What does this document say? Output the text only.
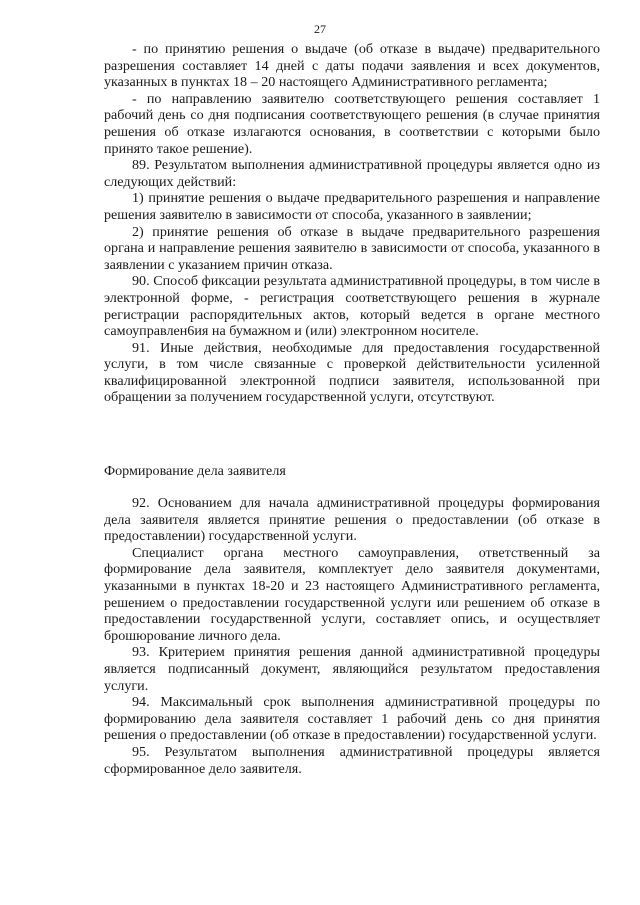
27

- по принятию решения о выдаче (об отказе в выдаче) предварительного разрешения составляет 14 дней с даты подачи заявления и всех документов, указанных в пунктах 18 – 20 настоящего Административного регламента;

- по направлению заявителю соответствующего решения составляет 1 рабочий день со дня подписания соответствующего решения (в случае принятия решения об отказе излагаются основания, в соответствии с которыми было принято такое решение).

89. Результатом выполнения административной процедуры является одно из следующих действий:

1) принятие решения о выдаче предварительного разрешения и направление решения заявителю в зависимости от способа, указанного в заявлении;

2) принятие решения об отказе в выдаче предварительного разрешения органа и направление решения заявителю в зависимости от способа, указанного в заявлении с указанием причин отказа.

90. Способ фиксации результата административной процедуры, в том числе в электронной форме, - регистрация соответствующего решения в журнале регистрации распорядительных актов, который ведется в органе местного самоуправлен6ия на бумажном и (или) электронном носителе.

91. Иные действия, необходимые для предоставления государственной услуги, в том числе связанные с проверкой действительности усиленной квалифицированной электронной подписи заявителя, использованной при обращении за получением государственной услуги, отсутствуют.

Формирование дела заявителя

92. Основанием для начала административной процедуры формирования дела заявителя является принятие решения о предоставлении (об отказе в предоставлении) государственной услуги.

Специалист органа местного самоуправления, ответственный за формирование дела заявителя, комплектует дело заявителя документами, указанными в пунктах 18-20 и 23 настоящего Административного регламента, решением о предоставлении государственной услуги или решением об отказе в предоставлении государственной услуги, составляет опись, и осуществляет брошюрование личного дела.

93. Критерием принятия решения данной административной процедуры является подписанный документ, являющийся результатом предоставления услуги.

94. Максимальный срок выполнения административной процедуры по формированию дела заявителя составляет 1 рабочий день со дня принятия решения о предоставлении (об отказе в предоставлении) государственной услуги.

95. Результатом выполнения административной процедуры является сформированное дело заявителя.
